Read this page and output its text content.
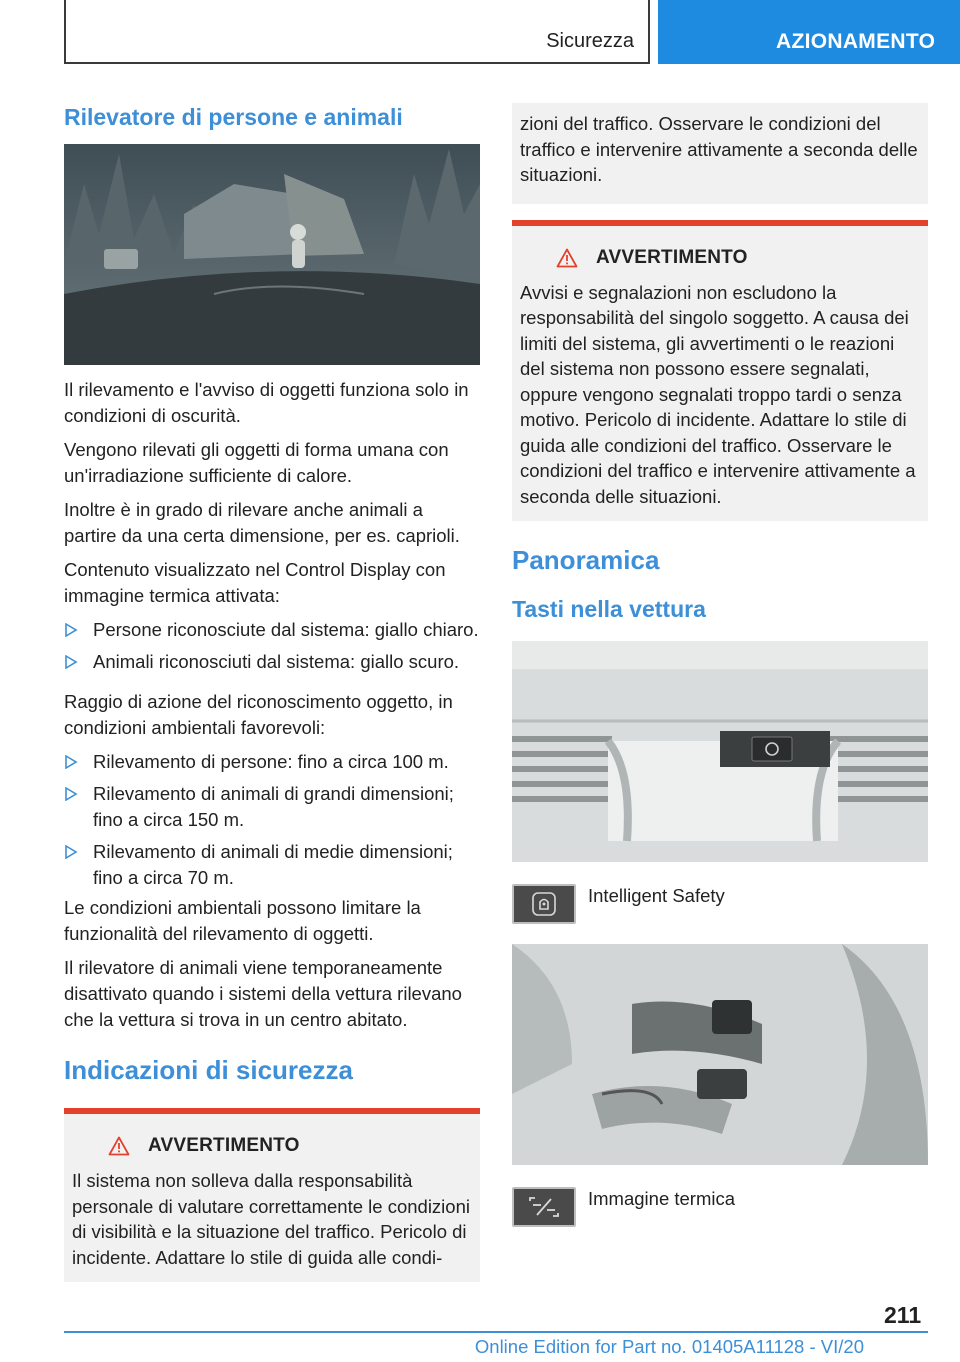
Sicurezza	AZIONAMENTO
Rilevatore di persone e animali

Il rilevamento e l'avviso di oggetti funziona solo in condizioni di oscurità.

Vengono rilevati gli oggetti di forma umana con un'irradiazione sufficiente di calore.

Inoltre è in grado di rilevare anche animali a partire da una certa dimensione, per es. caprioli.

Contenuto visualizzato nel Control Display con immagine termica attivata:

Persone riconosciute dal sistema: giallo chiaro.
Animali riconosciuti dal sistema: giallo scuro.

Raggio di azione del riconoscimento oggetto, in condizioni ambientali favorevoli:

Rilevamento di persone: fino a circa 100 m.
Rilevamento di animali di grandi dimensioni; fino a circa 150 m.
Rilevamento di animali di medie dimensioni; fino a circa 70 m.

Le condizioni ambientali possono limitare la funzionalità del rilevamento di oggetti.

Il rilevatore di animali viene temporaneamente disattivato quando i sistemi della vettura rilevano che la vettura si trova in un centro abitato.

Indicazioni di sicurezza
AVVERTIMENTO

Il sistema non solleva dalla responsabilità personale di valutare correttamente le condizioni di visibilità e la situazione del traffico. Pericolo di incidente. Adattare lo stile di guida alle condi-

zioni del traffico. Osservare le condizioni del traffico e intervenire attivamente a seconda delle situazioni.

AVVERTIMENTO

Avvisi e segnalazioni non escludono la responsabilità del singolo soggetto. A causa dei limiti del sistema, gli avvertimenti o le reazioni del sistema non possono essere segnalati, oppure vengono segnalati troppo tardi o senza motivo. Pericolo di incidente. Adattare lo stile di guida alle condizioni del traffico. Osservare le condizioni del traffico e intervenire attivamente a seconda delle situazioni.

Panoramica
Tasti nella vettura
Intelligent Safety
Immagine termica
211
Online Edition for Part no. 01405A11128 - VI/20
